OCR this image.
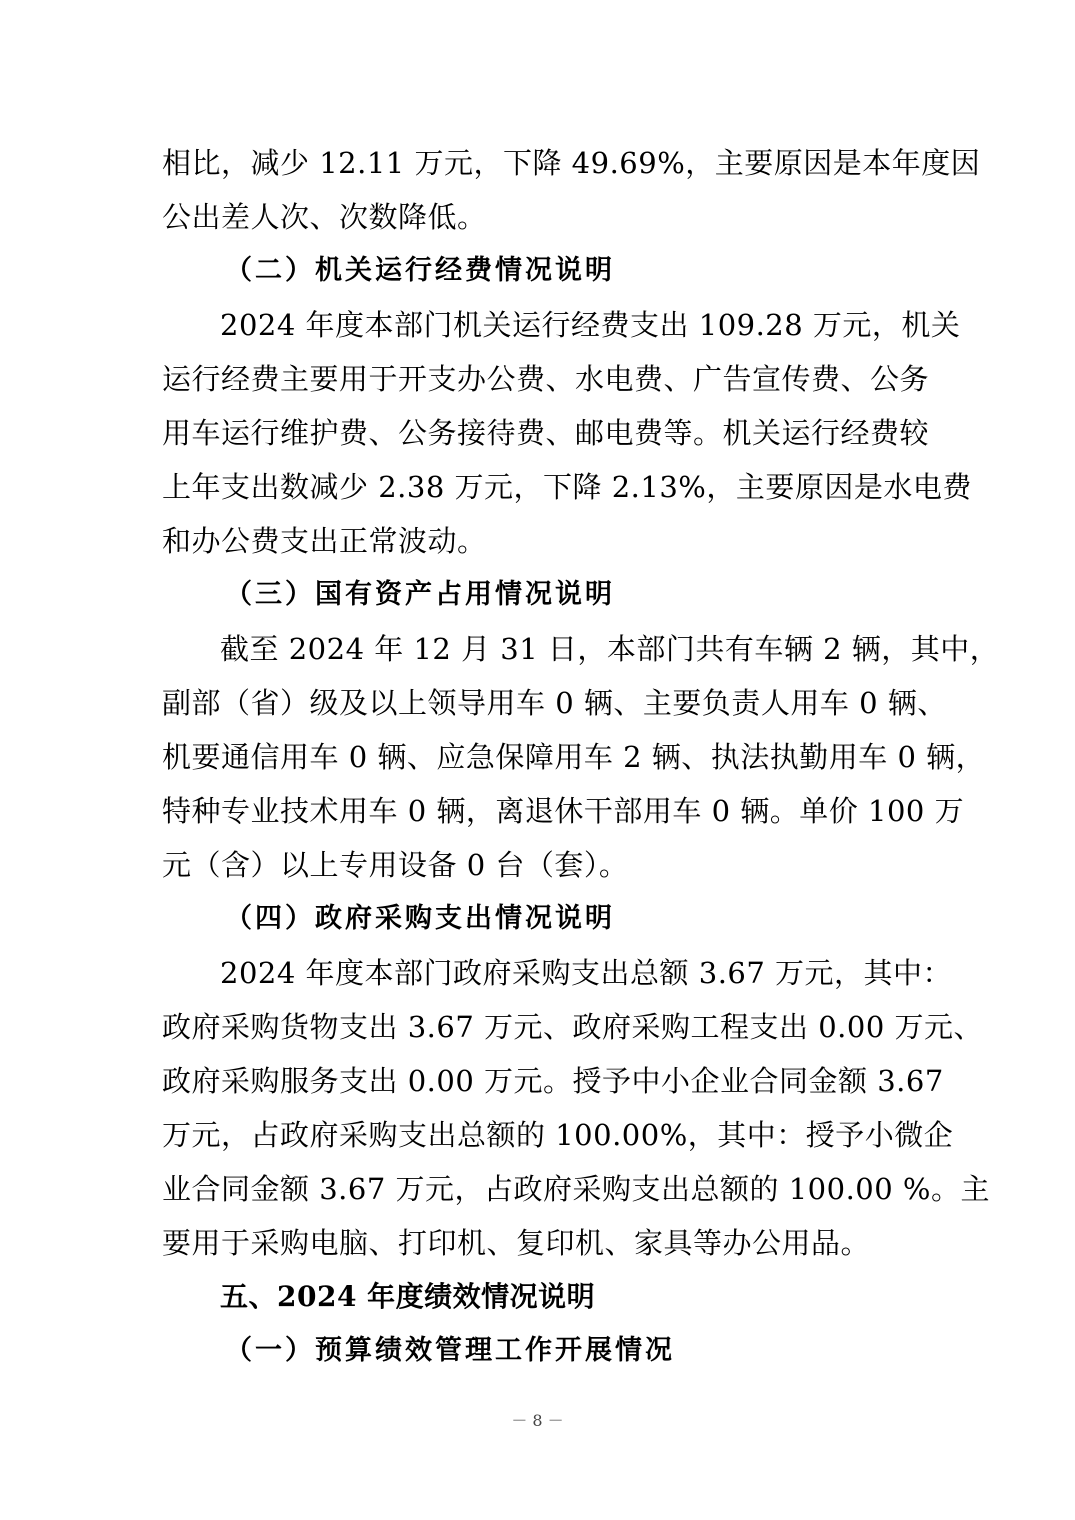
相比，减少 12.11 万元，下降 49.69%，主要原因是本年度因
公出差人次、次数降低。
（二）机关运行经费情况说明
2024 年度本部门机关运行经费支出 109.28 万元，机关
运行经费主要用于开支办公费、水电费、广告宣传费、公务
用车运行维护费、公务接待费、邮电费等。机关运行经费较
上年支出数减少 2.38 万元，下降 2.13%，主要原因是水电费
和办公费支出正常波动。
（三）国有资产占用情况说明
截至 2024 年 12 月 31 日，本部门共有车辆 2 辆，其中，
副部（省）级及以上领导用车 0 辆、主要负责人用车 0 辆、
机要通信用车 0 辆、应急保障用车 2 辆、执法执勤用车 0 辆，
特种专业技术用车 0 辆，离退休干部用车 0 辆。单价 100 万
元（含）以上专用设备 0 台（套）。
（四）政府采购支出情况说明
2024 年度本部门政府采购支出总额 3.67 万元，其中：
政府采购货物支出 3.67 万元、政府采购工程支出 0.00 万元、
政府采购服务支出 0.00 万元。授予中小企业合同金额 3.67
万元，占政府采购支出总额的 100.00%，其中：授予小微企
业合同金额 3.67 万元，占政府采购支出总额的 100.00 %。主
要用于采购电脑、打印机、复印机、家具等办公用品。
五、2024 年度绩效情况说明
（一）预算绩效管理工作开展情况
－ 8 －
